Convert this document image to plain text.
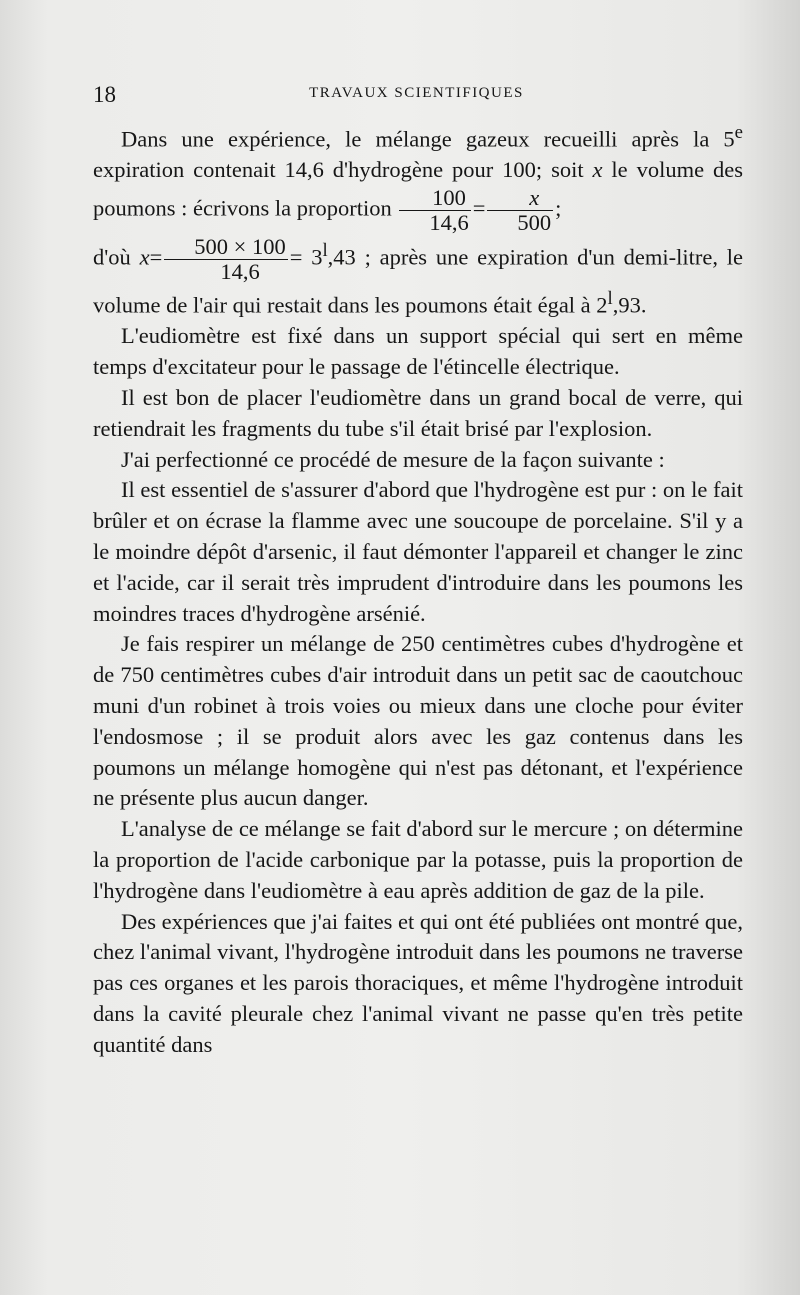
18	TRAVAUX SCIENTIFIQUES

Dans une expérience, le mélange gazeux recueilli après la 5e expiration contenait 14,6 d'hydrogène pour 100; soit x le volume des poumons : écrivons la proportion $\frac{100}{14,6} = \frac{x}{500}$ ;
d'où $x= \frac{500 \times 100}{14,6} = 3^l,43$ ; après une expiration d'un demi-litre, le volume de l'air qui restait dans les poumons était égal à 2$^l$,93.

L'eudiomètre est fixé dans un support spécial qui sert en même temps d'excitateur pour le passage de l'étincelle électrique.

Il est bon de placer l'eudiomètre dans un grand bocal de verre, qui retiendrait les fragments du tube s'il était brisé par l'explosion.

J'ai perfectionné ce procédé de mesure de la façon suivante :

Il est essentiel de s'assurer d'abord que l'hydrogène est pur : on le fait brûler et on écrase la flamme avec une soucoupe de porcelaine. S'il y a le moindre dépôt d'arsenic, il faut démonter l'appareil et changer le zinc et l'acide, car il serait très imprudent d'introduire dans les poumons les moindres traces d'hydrogène arsénié.

Je fais respirer un mélange de 250 centimètres cubes d'hydrogène et de 750 centimètres cubes d'air introduit dans un petit sac de caoutchouc muni d'un robinet à trois voies ou mieux dans une cloche pour éviter l'endosmose ; il se produit alors avec les gaz contenus dans les poumons un mélange homogène qui n'est pas détonant, et l'expérience ne présente plus aucun danger.

L'analyse de ce mélange se fait d'abord sur le mercure ; on détermine la proportion de l'acide carbonique par la potasse, puis la proportion de l'hydrogène dans l'eudiomètre à eau après addition de gaz de la pile.

Des expériences que j'ai faites et qui ont été publiées ont montré que, chez l'animal vivant, l'hydrogène introduit dans les poumons ne traverse pas ces organes et les parois thoraciques, et même l'hydrogène introduit dans la cavité pleurale chez l'animal vivant ne passe qu'en très petite quantité dans
